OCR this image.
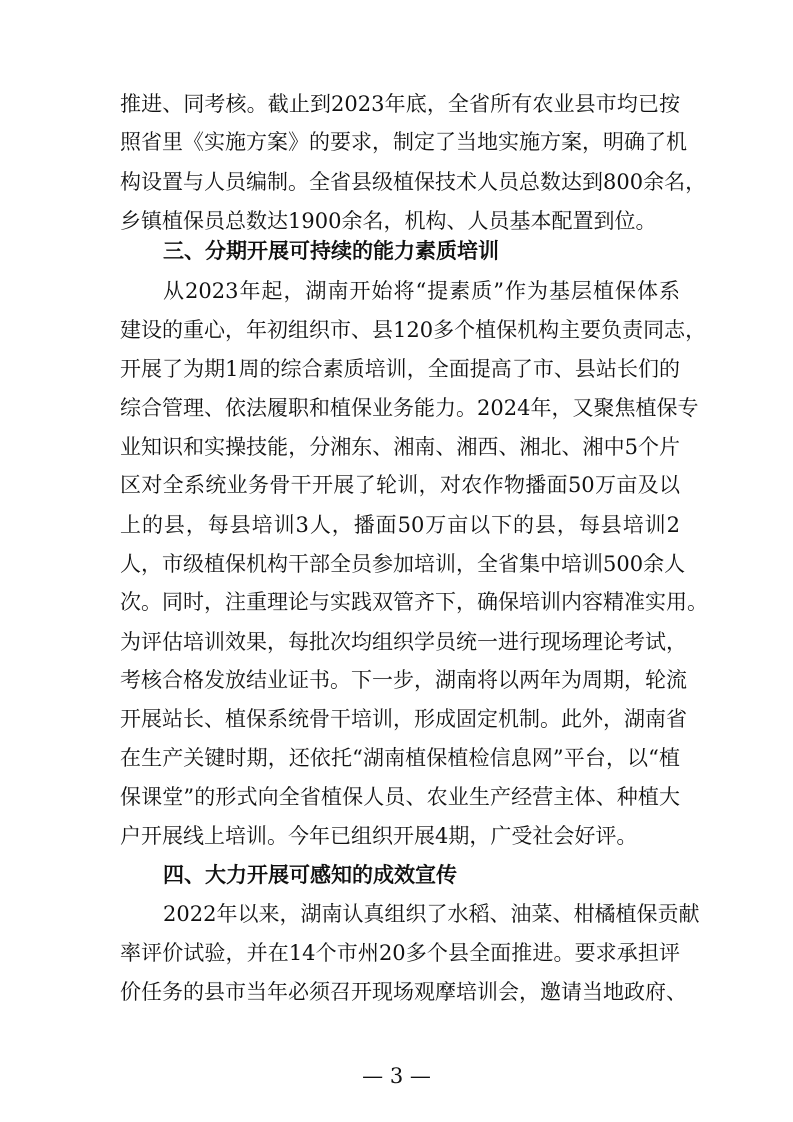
推进、同考核。截止到2023年底，全省所有农业县市均已按
照省里《实施方案》的要求，制定了当地实施方案，明确了机
构设置与人员编制。全省县级植保技术人员总数达到800余名，
乡镇植保员总数达1900余名，机构、人员基本配置到位。
三、分期开展可持续的能力素质培训
从2023年起，湖南开始将“提素质”作为基层植保体系
建设的重心，年初组织市、县120多个植保机构主要负责同志，
开展了为期1周的综合素质培训，全面提高了市、县站长们的
综合管理、依法履职和植保业务能力。2024年，又聚焦植保专
业知识和实操技能，分湘东、湘南、湘西、湘北、湘中5个片
区对全系统业务骨干开展了轮训，对农作物播面50万亩及以
上的县，每县培训3人，播面50万亩以下的县，每县培训2
人，市级植保机构干部全员参加培训，全省集中培训500余人
次。同时，注重理论与实践双管齐下，确保培训内容精准实用。
为评估培训效果，每批次均组织学员统一进行现场理论考试，
考核合格发放结业证书。下一步，湖南将以两年为周期，轮流
开展站长、植保系统骨干培训，形成固定机制。此外，湖南省
在生产关键时期，还依托“湖南植保植检信息网”平台，以“植
保课堂”的形式向全省植保人员、农业生产经营主体、种植大
户开展线上培训。今年已组织开展4期，广受社会好评。
四、大力开展可感知的成效宣传
2022年以来，湖南认真组织了水稻、油菜、柑橘植保贡献
率评价试验，并在14个市州20多个县全面推进。要求承担评
价任务的县市当年必须召开现场观摩培训会，邀请当地政府、
— 3 —
